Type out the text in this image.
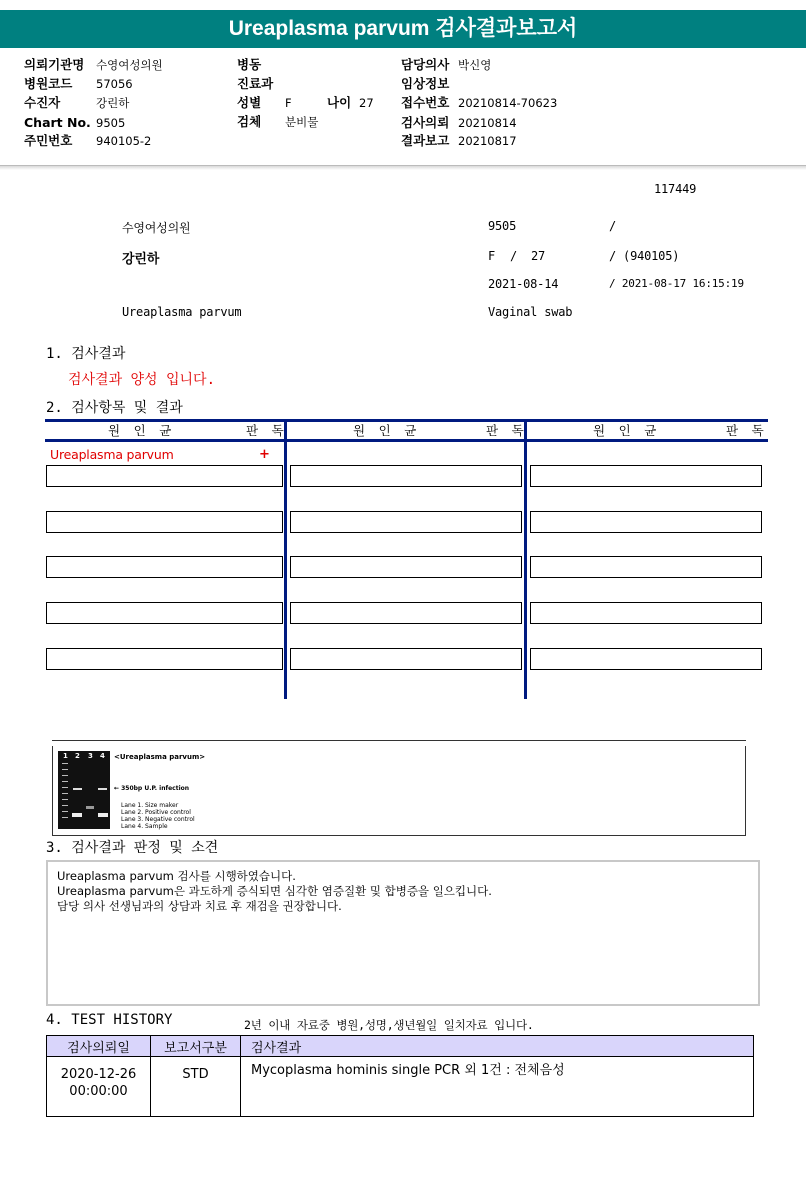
Ureaplasma parvum 검사결과보고서
의뢰기관명 수영여성의원
병원코드 57056
수진자	강린하
Chart No. 9505
주민번호 940105-2
병동
진료과
성별 F	나이 27
검체 분비물
담당의사 박신영
임상정보
접수번호 20210814-70623
검사의뢰 20210814
결과보고 20210817
117449
수영여성의원	9505	/
강린하	F / 27	/ (940105)
2021-08-14	/ 2021-08-17 16:15:19
Ureaplasma parvum	Vaginal swab
1. 검사결과
검사결과 양성 입니다.
2. 검사항목 및 결과
원 인 균	판 독	원 인 균	판 독	원 인 균	판 독
Ureaplasma parvum	+
1 2 3 4 <Ureaplasma parvum>
← 350bp U.P. infection
Lane 1. Size maker
Lane 2. Positive control
Lane 3. Negative control
Lane 4. Sample
3. 검사결과 판정 및 소견
Ureaplasma parvum 검사를 시행하였습니다.
Ureaplasma parvum은 과도하게 증식되면 심각한 염증질환 및 합병증을 일으킵니다.
담당 의사 선생님과의 상담과 치료 후 재검을 권장합니다.
4. TEST HISTORY	2년 이내 자료중 병원,성명,생년월일 일치자료 입니다.
검사의뢰일	보고서구분	검사결과

2020-12-26
00:00:00	STD	Mycoplasma hominis single PCR 외 1건 : 전체음성
